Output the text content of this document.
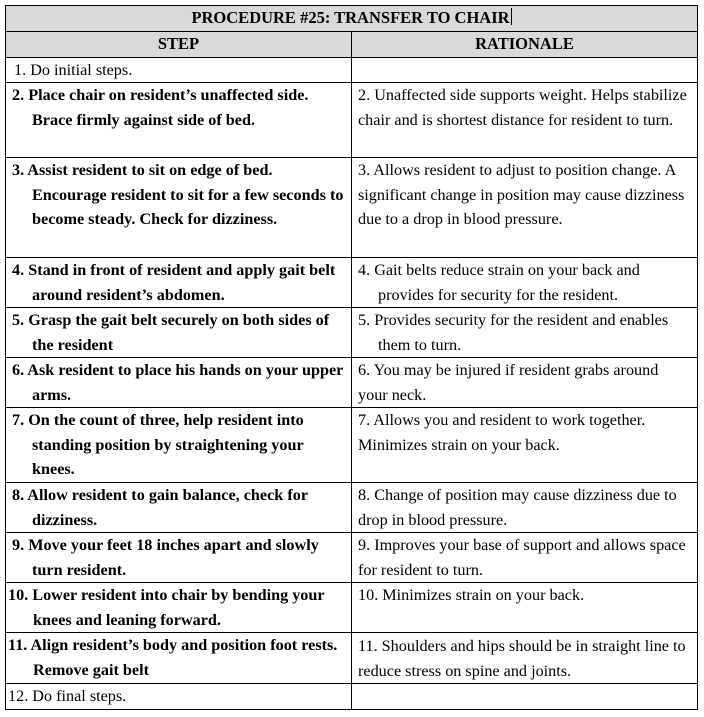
PROCEDURE #25: TRANSFER TO CHAIR	
STEP	RATIONALE
1. Do initial steps.	

2. Place chair on resident’s unaffected side. Brace firmly against side of bed.	2. Unaffected side supports weight. Helps stabilize chair and is shortest distance for resident to turn.

3. Assist resident to sit on edge of bed. Encourage resident to sit for a few seconds to become steady. Check for dizziness.	3. Allows resident to adjust to position change. A significant change in position may cause dizziness due to a drop in blood pressure.

4. Stand in front of resident and apply gait belt around resident’s abdomen.	4. Gait belts reduce strain on your back and provides for security for the resident.

5. Grasp the gait belt securely on both sides of the resident	5. Provides security for the resident and enables them to turn.

6. Ask resident to place his hands on your upper arms.	6. You may be injured if resident grabs around your neck.

7. On the count of three, help resident into standing position by straightening your knees.	7. Allows you and resident to work together. Minimizes strain on your back.

8. Allow resident to gain balance, check for dizziness.	8. Change of position may cause dizziness due to drop in blood pressure.

9. Move your feet 18 inches apart and slowly turn resident.	9. Improves your base of support and allows space for resident to turn.

10. Lower resident into chair by bending your knees and leaning forward.	10. Minimizes strain on your back.

11. Align resident’s body and position foot rests. Remove gait belt	11. Shoulders and hips should be in straight line to reduce stress on spine and joints.
12. Do final steps.	
